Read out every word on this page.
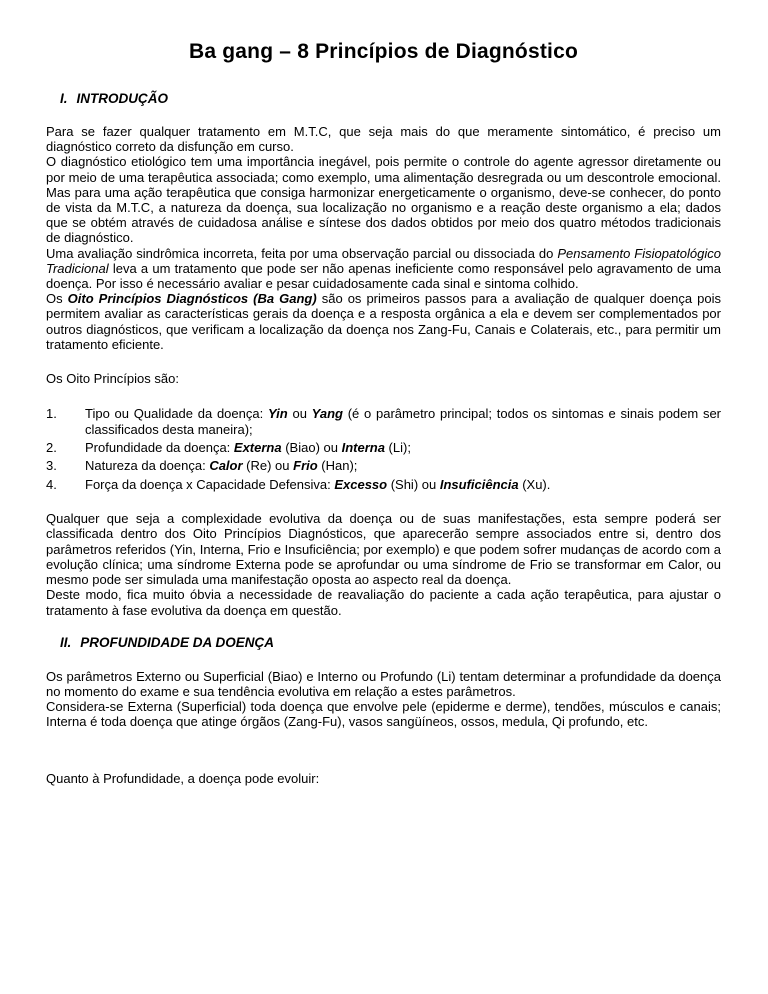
Ba gang – 8 Princípios de Diagnóstico
I. INTRODUÇÃO

Para se fazer qualquer tratamento em M.T.C, que seja mais do que meramente sintomático, é preciso um diagnóstico correto da disfunção em curso.

O diagnóstico etiológico tem uma importância inegável, pois permite o controle do agente agressor diretamente ou por meio de uma terapêutica associada; como exemplo, uma alimentação desregrada ou um descontrole emocional. Mas para uma ação terapêutica que consiga harmonizar energeticamente o organismo, deve-se conhecer, do ponto de vista da M.T.C, a natureza da doença, sua localização no organismo e a reação deste organismo a ela; dados que se obtém através de cuidadosa análise e síntese dos dados obtidos por meio dos quatro métodos tradicionais de diagnóstico.

Uma avaliação sindrômica incorreta, feita por uma observação parcial ou dissociada do Pensamento Fisiopatológico Tradicional leva a um tratamento que pode ser não apenas ineficiente como responsável pelo agravamento de uma doença. Por isso é necessário avaliar e pesar cuidadosamente cada sinal e sintoma colhido.

Os Oito Princípios Diagnósticos (Ba Gang) são os primeiros passos para a avaliação de qualquer doença pois permitem avaliar as características gerais da doença e a resposta orgânica a ela e devem ser complementados por outros diagnósticos, que verificam a localização da doença nos Zang-Fu, Canais e Colaterais, etc., para permitir um tratamento eficiente.

Os Oito Princípios são:

1. Tipo ou Qualidade da doença: Yin ou Yang (é o parâmetro principal; todos os sintomas e sinais podem ser classificados desta maneira);
2. Profundidade da doença: Externa (Biao) ou Interna (Li);
3. Natureza da doença: Calor (Re) ou Frio (Han);
4. Força da doença x Capacidade Defensiva: Excesso (Shi) ou Insuficiência (Xu).

Qualquer que seja a complexidade evolutiva da doença ou de suas manifestações, esta sempre poderá ser classificada dentro dos Oito Princípios Diagnósticos, que aparecerão sempre associados entre si, dentro dos parâmetros referidos (Yin, Interna, Frio e Insuficiência; por exemplo) e que podem sofrer mudanças de acordo com a evolução clínica; uma síndrome Externa pode se aprofundar ou uma síndrome de Frio se transformar em Calor, ou mesmo pode ser simulada uma manifestação oposta ao aspecto real da doença.

Deste modo, fica muito óbvia a necessidade de reavaliação do paciente a cada ação terapêutica, para ajustar o tratamento à fase evolutiva da doença em questão.

II. PROFUNDIDADE DA DOENÇA

Os parâmetros Externo ou Superficial (Biao) e Interno ou Profundo (Li) tentam determinar a profundidade da doença no momento do exame e sua tendência evolutiva em relação a estes parâmetros.

Considera-se Externa (Superficial) toda doença que envolve pele (epiderme e derme), tendões, músculos e canais; Interna é toda doença que atinge órgãos (Zang-Fu), vasos sangüíneos, ossos, medula, Qi profundo, etc.

Quanto à Profundidade, a doença pode evoluir:
